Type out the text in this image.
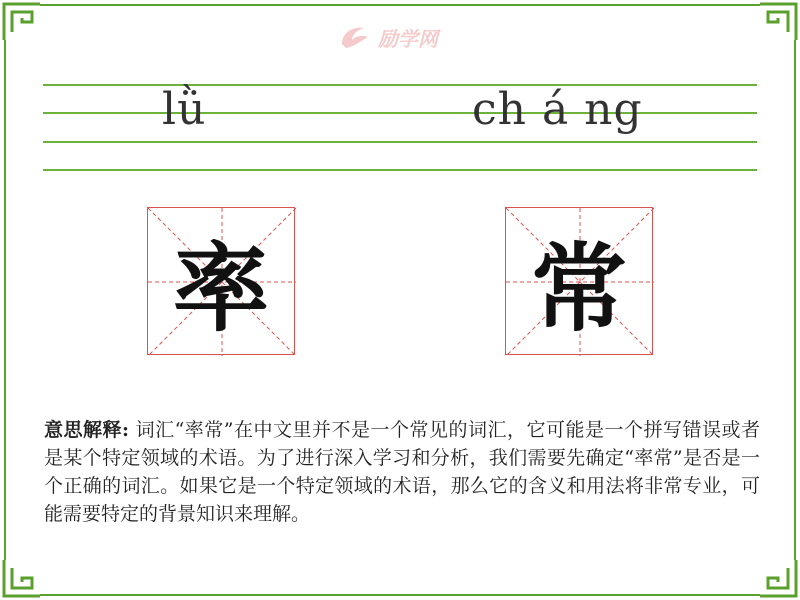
励学网
lǜ	ch á ng
率	常
意思解释: 词汇“率常”在中文里并不是一个常见的词汇，它可能是一个拼写错误或者是某个特定领域的术语。为了进行深入学习和分析，我们需要先确定“率常”是否是一个正确的词汇。如果它是一个特定领域的术语，那么它的含义和用法将非常专业，可能需要特定的背景知识来理解。
